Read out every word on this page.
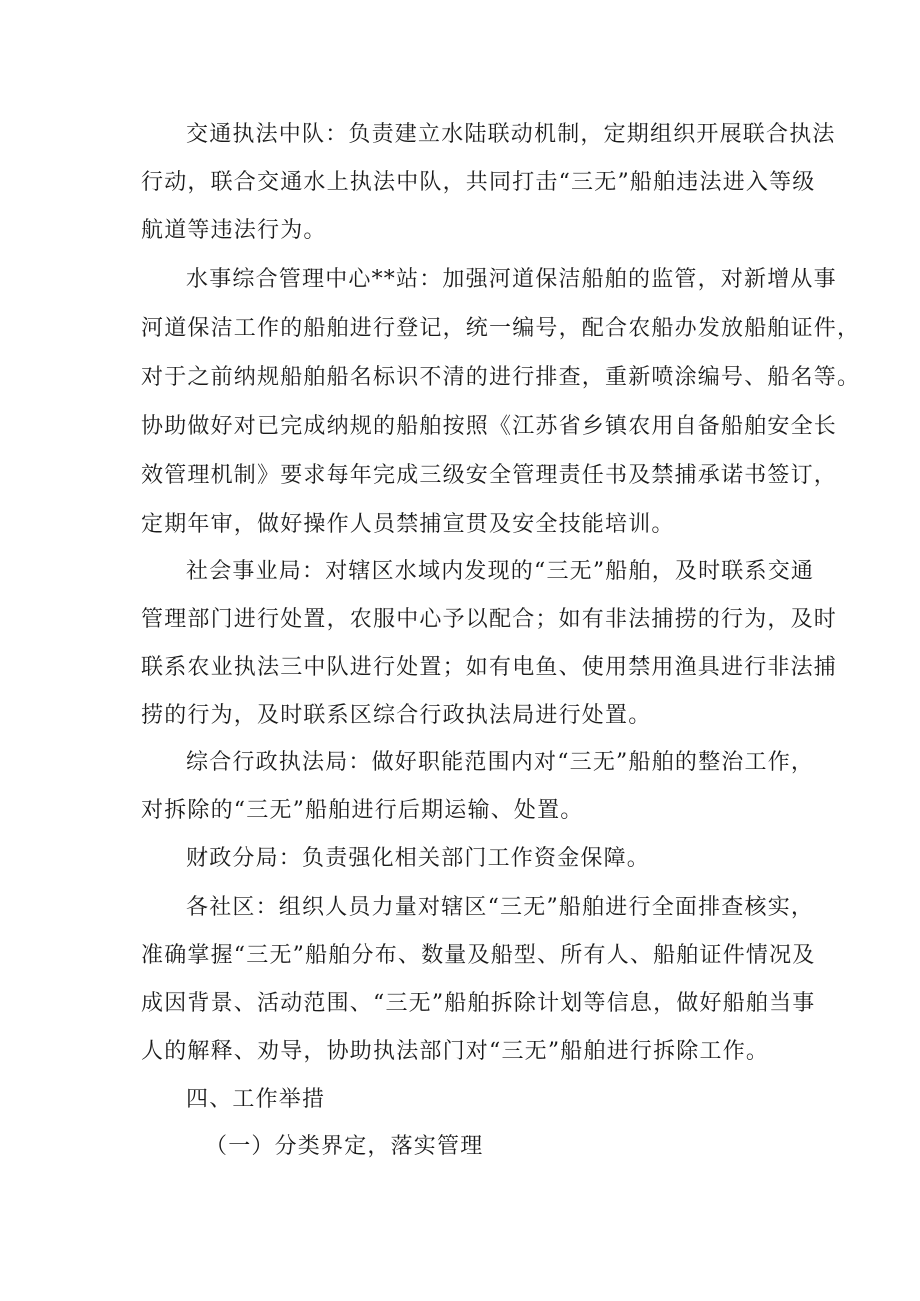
交通执法中队：负责建立水陆联动机制，定期组织开展联合执法
行动，联合交通水上执法中队，共同打击“三无”船舶违法进入等级
航道等违法行为。
水事综合管理中心**站：加强河道保洁船舶的监管，对新增从事
河道保洁工作的船舶进行登记，统一编号，配合农船办发放船舶证件，
对于之前纳规船舶船名标识不清的进行排查，重新喷涂编号、船名等。
协助做好对已完成纳规的船舶按照《江苏省乡镇农用自备船舶安全长
效管理机制》要求每年完成三级安全管理责任书及禁捕承诺书签订，
定期年审，做好操作人员禁捕宣贯及安全技能培训。
社会事业局：对辖区水域内发现的“三无”船舶，及时联系交通
管理部门进行处置，农服中心予以配合；如有非法捕捞的行为，及时
联系农业执法三中队进行处置；如有电鱼、使用禁用渔具进行非法捕
捞的行为，及时联系区综合行政执法局进行处置。
综合行政执法局：做好职能范围内对“三无”船舶的整治工作，
对拆除的“三无”船舶进行后期运输、处置。
财政分局：负责强化相关部门工作资金保障。
各社区：组织人员力量对辖区“三无”船舶进行全面排查核实，
准确掌握“三无”船舶分布、数量及船型、所有人、船舶证件情况及
成因背景、活动范围、“三无”船舶拆除计划等信息，做好船舶当事
人的解释、劝导，协助执法部门对“三无”船舶进行拆除工作。
四、工作举措
（一）分类界定，落实管理
